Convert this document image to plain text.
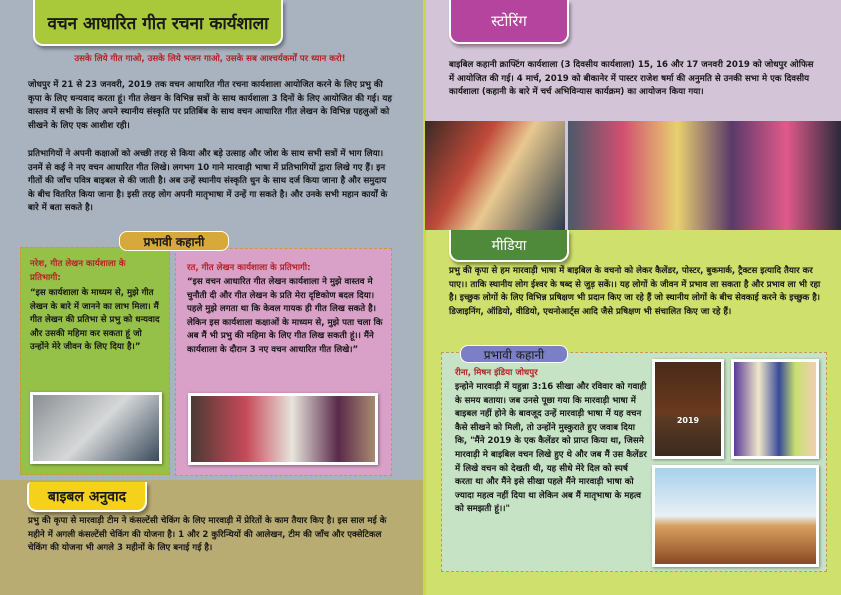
वचन आधारित गीत रचना कार्यशाला
उसके लिये गीत गाओ, उसके लिये भजन गाओ, उसके सब आश्चर्यकर्मों पर ध्यान करो!
जोधपुर में 21 से 23 जनवरी, 2019 तक वचन आधारित गीत रचना कार्यशाला आयोजित करने के लिए प्रभु की कृपा के लिए धन्यवाद करता हूं। गीत लेखन के विभिन्न सत्रों के साथ कार्यशाला 3 दिनों के लिए आयोजित की गई। यह वास्तव में सभी के लिए अपने स्थानीय संस्कृति पर प्रतिबिंब के साथ वचन आधारित गीत लेखन के विभिन्न पहलुओं को सीखने के लिए एक आशीश रही।
प्रतिभागियों ने अपनी कक्षाओं को अच्छी तरह से किया और बड़े उत्साह और जोश के साथ सभी सत्रों में भाग लिया। उनमें से कई ने नए वचन आधारित गीत लिखे। लगभग 10 गाने मारवाड़ी भाषा में प्रतिभागियों द्वारा लिखे गए हैं। इन गीतों की जाँच पवित्र बाइबल से की जाती है। अब उन्हें स्थानीय संस्कृति धुन के साथ दर्ज किया जाना है और समुदाय के बीच वितरित किया जाना है। इसी तरह लोग अपनी मातृभाषा में उन्हें गा सकते है। और उनके सभी महान कार्यों के बारे में बता सकते है।
प्रभावी कहानी
नरेश, गीत लेखन कार्यशाला के प्रतिभागी:
“इस कार्यशाला के माध्यम से, मुझे गीत लेखन के बारे में जानने का लाभ मिला। मैं गीत लेखन की प्रतिभा से प्रभु को धन्यवाद और उसकी महिमा कर सकता हूं जो उन्होंने मेरे जीवन के लिए दिया है।”
रत, गीत लेखन कार्यशाला के प्रतिभागी:
“इस वचन आधारित गीत लेखन कार्यशाला ने मुझे वास्तव मे चुनौती दी और गीत लेखन के प्रति मेरा दृष्टिकोण बदल दिया। पहले मुझे लगता था कि केवल गायक ही गीत लिख सकते है। लेकिन इस कार्यशाला कक्षाओं के माध्यम से, मुझे पता चला कि अब मैं भी प्रभु की महिमा के लिए गीत लिख सकती हूं।। मैंने कार्यशाला के दौरान 3 नए वचन आधारित गीत लिखे।”
बाइबल अनुवाद
प्रभु की कृपा से मारवाड़ी टीम ने कंसल्टेंसी चेकिंग के लिए मारवाड़ी में प्रेरितों के काम तैयार किए है। इस साल मई के महीने में अगली कंसल्टेंसी चेकिंग की योजना है। 1 और 2 कुरिन्थियों की आलेखन, टीम की जाँच और एक्सेटिकल चेकिंग की योजना भी अगले 3 महीनों के लिए बनाई गई है।
स्टोरिंग
बाइबिल कहानी क्राफ्टिंग कार्यशाला (3 दिवसीय कार्यशाला) 15, 16 और 17 जनवरी 2019 को जोधपुर ओफिस में आयोजित की गई। 4 मार्च, 2019 को बीकानेर में पास्टर राजेश षर्मा की अनुमति से उनकी सभा मे एक दिवसीय कार्यशाला (कहानी के बारे में चर्च अभिविन्यास कार्यक्रम) का आयोजन किया गया।
मीडिया
प्रभु की कृपा से हम मारवाड़ी भाषा में बाइबिल के वचनो को लेकर कैलेंडर, पोस्टर, बुकमार्क, ट्रैक्टस इत्यादि तैयार कर पाए।। ताकि स्थानीय लोग ईश्वर के षब्द से जुड़ सकें।। यह लोगों के जीवन में प्रभाव ला सकता है और प्रभाव ला भी रहा है। इच्छुक लोगों के लिए विभिन्न प्रषिक्षण भी प्रदान किए जा रहे हैं जो स्थानीय लोगों के बीच सेवकाई करने के इच्छुक है। डिजाइनिंग, ऑडियो, वीडियो, एथनोआर्ट्स आदि जैसे प्रषिक्षण भी संचालित किए जा रहे हैं।
प्रभावी कहानी
रीना, मिषन इंडिया जोधपुर
इन्होने मारवाड़ी में यहुन्ना 3:16 सीखा और रविवार को गवाही के समय बताया। जब उनसे पूछा गया कि मारवाड़ी भाषा में बाइबल नहीं होने के बावजूद उन्हें मारवाड़ी भाषा में यह वचन कैसे सीखने को मिली, तो उन्होंने मुस्कुराते हुए जवाब दिया कि, "मैंने 2019 के एक कैलेंडर को प्राप्त किया था, जिसमे मारवाड़ी मे बाइबिल वचन लिखे हुए थे और जब मैं उस कैलेंडर में लिखे वचन को देखती थी, यह सीधे मेरे दिल को स्पर्ष करता था और मैंने इसे सीखा पहले मैंने मारवाड़ी भाषा को ज्यादा महत्व नहीं दिया था लेकिन अब मैं मातृभाषा के महत्व को समझती हूं।।"
2019
